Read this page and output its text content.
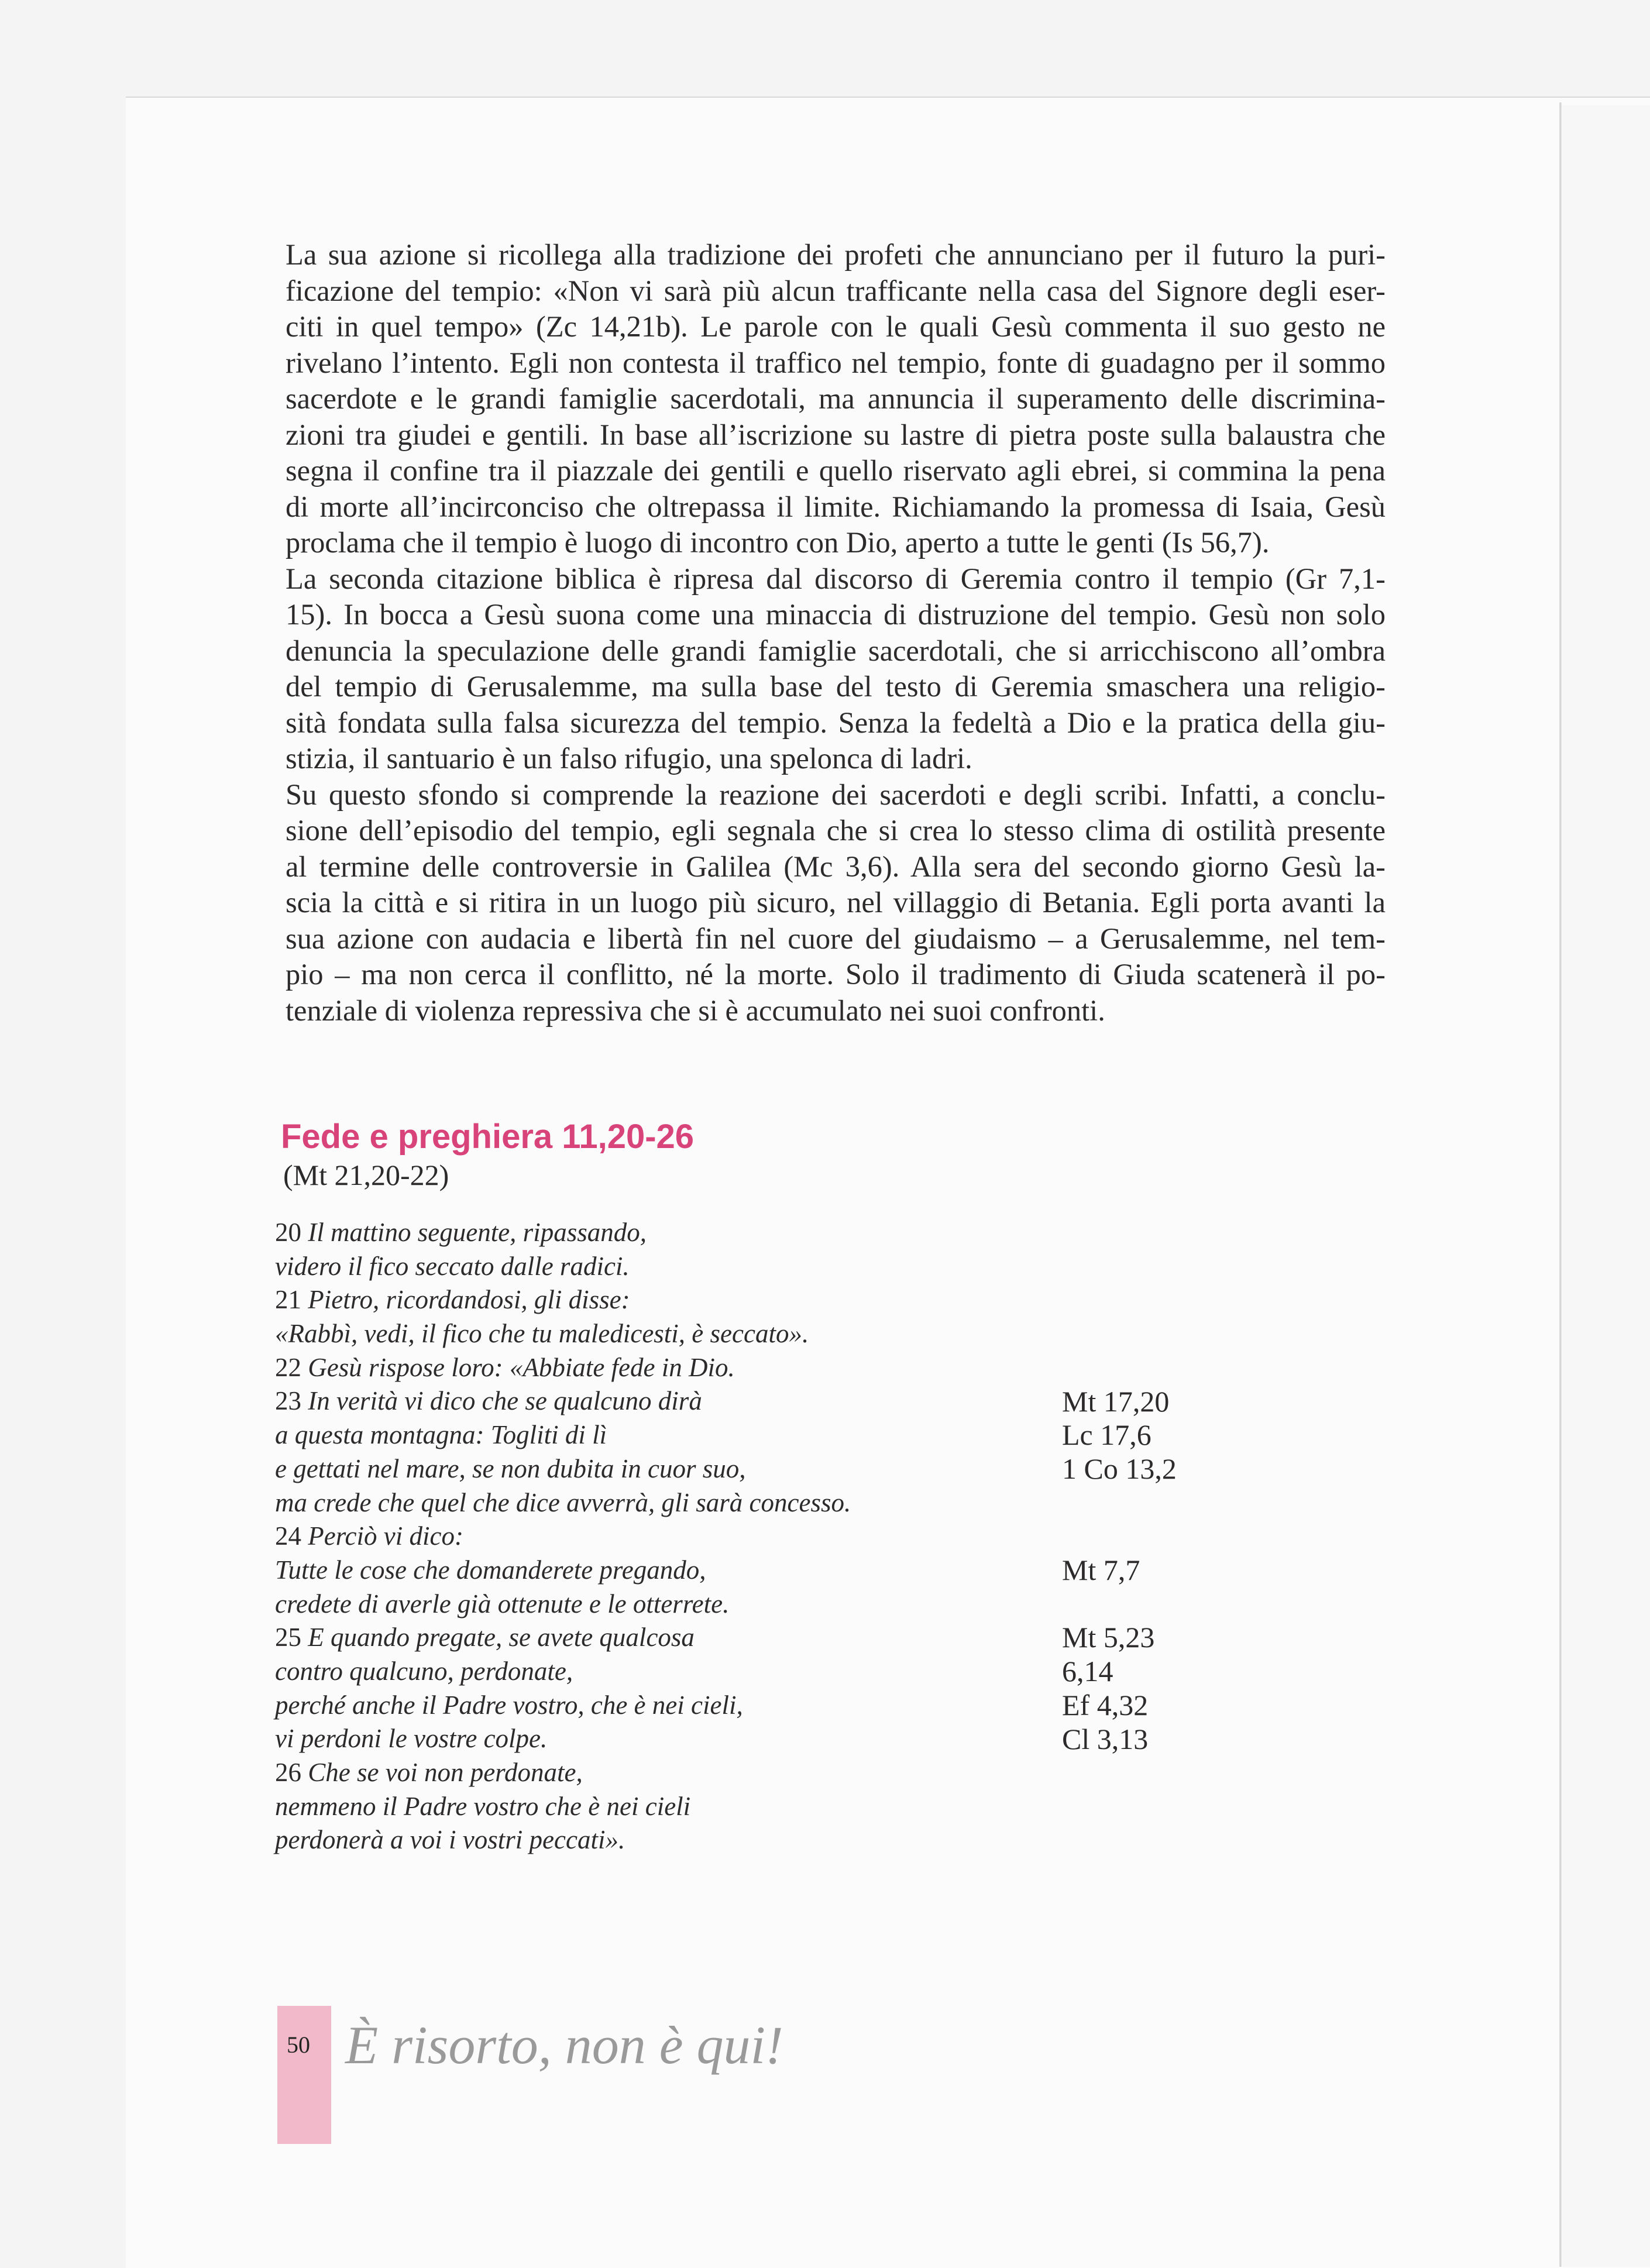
La sua azione si ricollega alla tradizione dei profeti che annunciano per il futuro la puri-
ficazione del tempio: «Non vi sarà più alcun trafficante nella casa del Signore degli eser-
citi in quel tempo» (Zc 14,21b). Le parole con le quali Gesù commenta il suo gesto ne
rivelano l’intento. Egli non contesta il traffico nel tempio, fonte di guadagno per il sommo
sacerdote e le grandi famiglie sacerdotali, ma annuncia il superamento delle discrimina-
zioni tra giudei e gentili. In base all’iscrizione su lastre di pietra poste sulla balaustra che
segna il confine tra il piazzale dei gentili e quello riservato agli ebrei, si commina la pena
di morte all’incirconciso che oltrepassa il limite. Richiamando la promessa di Isaia, Gesù
proclama che il tempio è luogo di incontro con Dio, aperto a tutte le genti (Is 56,7).
La seconda citazione biblica è ripresa dal discorso di Geremia contro il tempio (Gr 7,1-
15). In bocca a Gesù suona come una minaccia di distruzione del tempio. Gesù non solo
denuncia la speculazione delle grandi famiglie sacerdotali, che si arricchiscono all’ombra
del tempio di Gerusalemme, ma sulla base del testo di Geremia smaschera una religio-
sità fondata sulla falsa sicurezza del tempio. Senza la fedeltà a Dio e la pratica della giu-
stizia, il santuario è un falso rifugio, una spelonca di ladri.
Su questo sfondo si comprende la reazione dei sacerdoti e degli scribi. Infatti, a conclu-
sione dell’episodio del tempio, egli segnala che si crea lo stesso clima di ostilità presente
al termine delle controversie in Galilea (Mc 3,6). Alla sera del secondo giorno Gesù la-
scia la città e si ritira in un luogo più sicuro, nel villaggio di Betania. Egli porta avanti la
sua azione con audacia e libertà fin nel cuore del giudaismo – a Gerusalemme, nel tem-
pio – ma non cerca il conflitto, né la morte. Solo il tradimento di Giuda scatenerà il po-
tenziale di violenza repressiva che si è accumulato nei suoi confronti.
Fede e preghiera 11,20-26
(Mt 21,20-22)
20 Il mattino seguente, ripassando,
videro il fico seccato dalle radici.
21 Pietro, ricordandosi, gli disse:
«Rabbì, vedi, il fico che tu maledicesti, è seccato».
22 Gesù rispose loro: «Abbiate fede in Dio.
23 In verità vi dico che se qualcuno dirà
a questa montagna: Togliti di lì
e gettati nel mare, se non dubita in cuor suo,
ma crede che quel che dice avverrà, gli sarà concesso.
24 Perciò vi dico:
Tutte le cose che domanderete pregando,
credete di averle già ottenute e le otterrete.
25 E quando pregate, se avete qualcosa
contro qualcuno, perdonate,
perché anche il Padre vostro, che è nei cieli,
vi perdoni le vostre colpe.
26 Che se voi non perdonate,
nemmeno il Padre vostro che è nei cieli
perdonerà a voi i vostri peccati».
Mt 17,20
Lc 17,6
1 Co 13,2
Mt 7,7
Mt 5,23
6,14
Ef 4,32
Cl 3,13
50 È risorto, non è qui!
